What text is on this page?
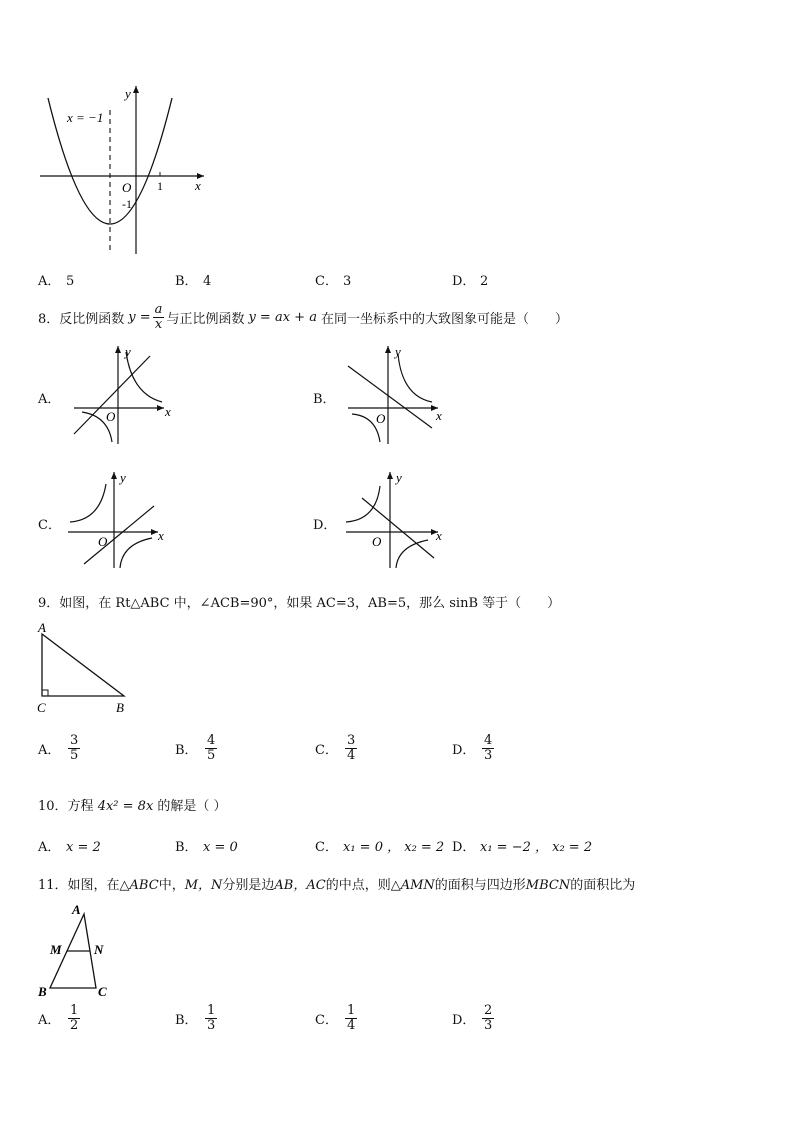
x = −1
y
x
O 1
-1
A． 5	B． 4	C． 3	D． 2
8． 反比例函数 $y = \frac{a}{x}$ 与正比例函数 y = ax + a 在同一坐标系中的大致图象可能是（　　）
A．
y
x
O
B．
y
x
O
C．
y
x
O
D．
y
x
O
9．如图，在 Rt△ABC 中，∠ACB=90°，如果 AC=3，AB=5，那么 sinB 等于（　　）
A
C	B
A． $\frac{3}{5}$	B． $\frac{4}{5}$	C． $\frac{3}{4}$	D． $\frac{4}{3}$
10．方程 4x² = 8x 的解是（ ）
A． x = 2	B． x = 0	C． x₁ = 0 ， x₂ = 2 D． x₁ = −2 ， x₂ = 2
11．如图，在△ABC中，M，N分别是边AB，AC的中点，则△AMN的面积与四边形MBCN的面积比为
A
M N
B	C
A． $\frac{1}{2}$	B． $\frac{1}{3}$	C． $\frac{1}{4}$	D． $\frac{2}{3}$
